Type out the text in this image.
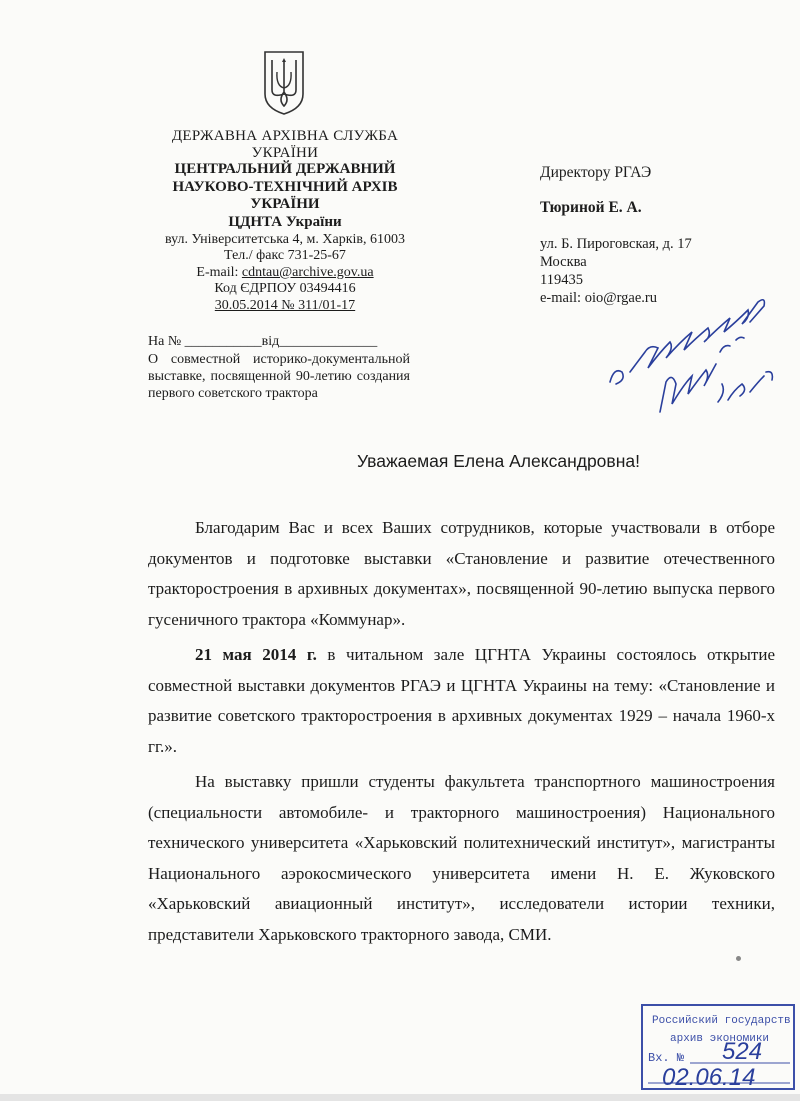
ДЕРЖАВНА АРХІВНА СЛУЖБА
УКРАЇНИ
ЦЕНТРАЛЬНИЙ ДЕРЖАВНИЙ
НАУКОВО-ТЕХНІЧНИЙ АРХІВ
УКРАЇНИ
ЦДНТА України
вул. Університетська 4, м. Харків, 61003
Тел./ факс 731-25-67
E-mail: cdntau@archive.gov.ua
Код ЄДРПОУ 03494416
30.05.2014 № 311/01-17
На № ___________від______________
О совместной историко-документальной выставке, посвященной 90-летию создания первого советского трактора
Директору РГАЭ
Тюриной Е. А.
ул. Б. Пироговская, д. 17
Москва
119435
e-mail: oio@rgae.ru
Уважаемая Елена Александровна!

Благодарим Вас и всех Ваших сотрудников, которые участвовали в отборе документов и подготовке выставки «Становление и развитие отечественного тракторостроения в архивных документах», посвященной 90-летию выпуска первого гусеничного трактора «Коммунар».

21 мая 2014 г. в читальном зале ЦГНТА Украины состоялось открытие совместной выставки документов РГАЭ и ЦГНТА Украины на тему: «Становление и развитие советского тракторостроения в архивных документах 1929 – начала 1960-х гг.».

На выставку пришли студенты факультета транспортного машиностроения (специальности автомобиле- и тракторного машиностроения) Национального технического университета «Харьковский политехнический институт», магистранты Национального аэрокосмического университета имени Н. Е. Жуковского «Харьковский авиационный институт», исследователи истории техники, представители Харьковского тракторного завода, СМИ.

Российский государств.
архив экономики
Вх. № 524
02.06.14
